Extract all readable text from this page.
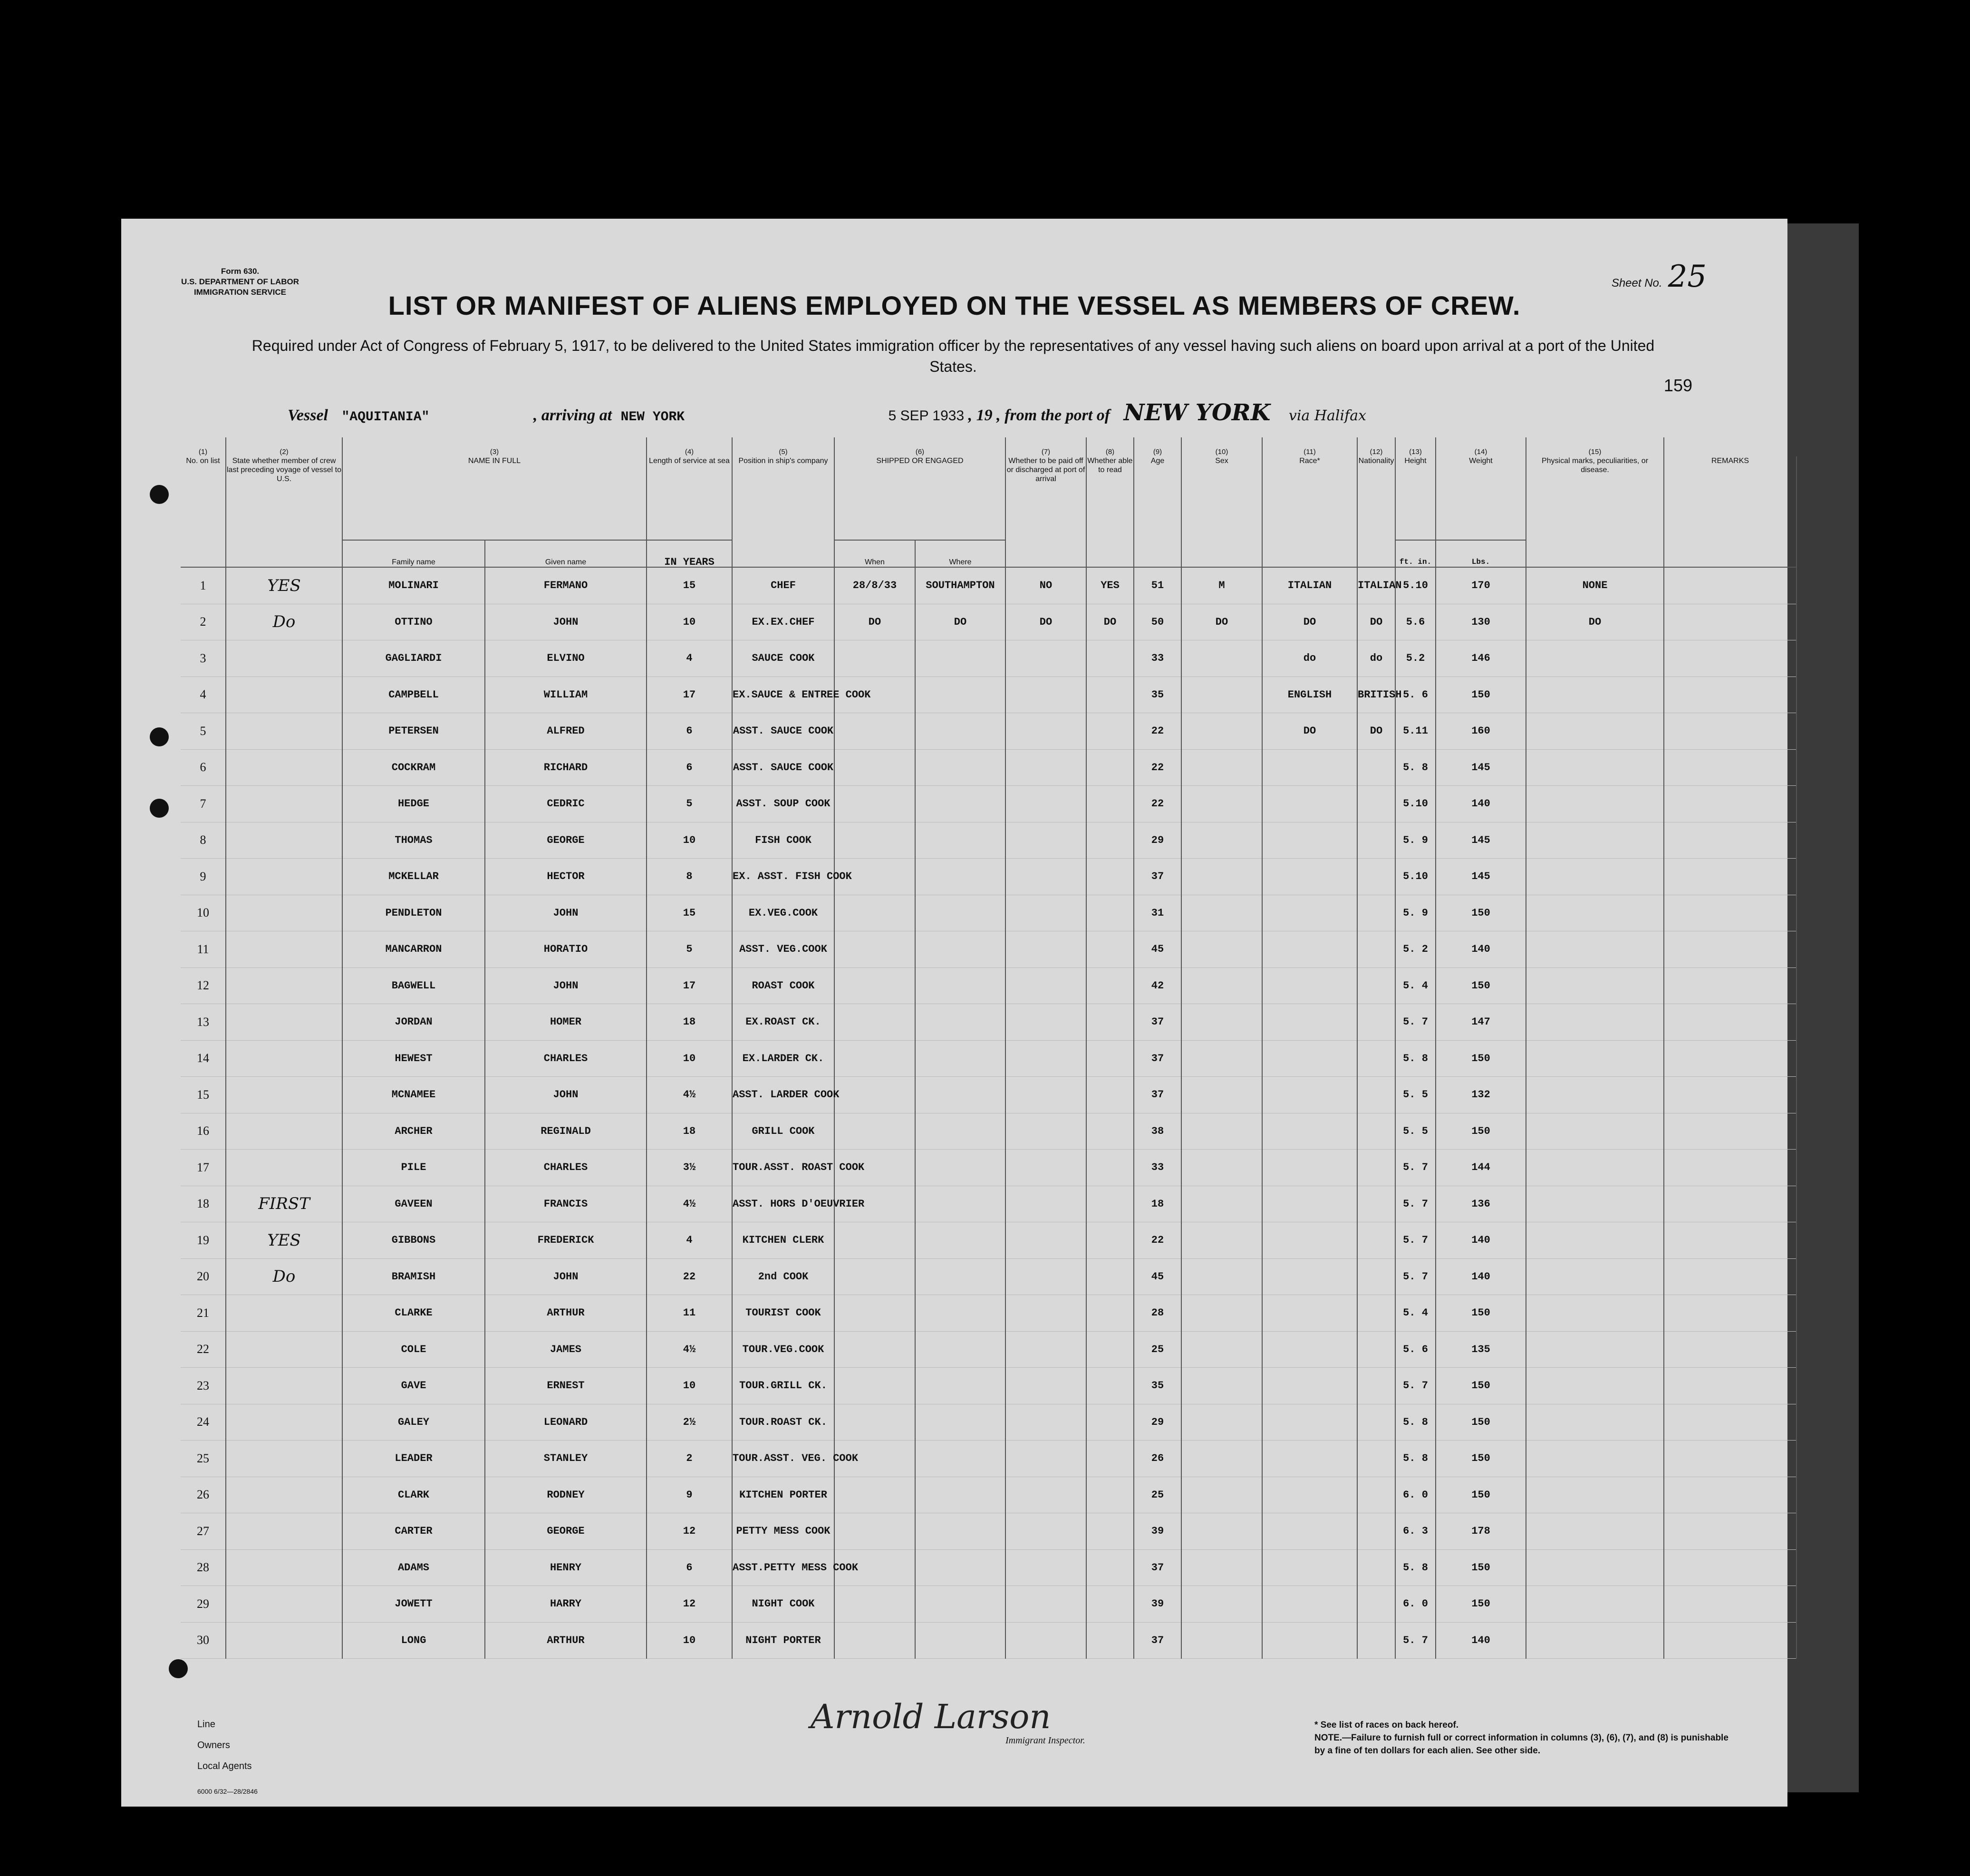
Form 630.
U.S. DEPARTMENT OF LABOR
IMMIGRATION SERVICE
Sheet No. 25
LIST OR MANIFEST OF ALIENS EMPLOYED ON THE VESSEL AS MEMBERS OF CREW.
Required under Act of Congress of February 5, 1917, to be delivered to the United States immigration officer by the representatives of any vessel having such aliens on board upon arrival at a port of the United States.
159
Vessel "AQUITANIA"	, arriving at NEW YORK	5 SEP 1933 , 19 , from the port of NEW YORK via Halifax
(1)	(2)	(3)		(4)	(5)	(6)		(7)	(8)	(9)	(10)	(11)	(12)	(13)	(14)	(15)	
No. on list	State whether member of crew last preceding voyage of vessel to U.S.	NAME IN FULL		Length of service at sea	Position in ship's company	SHIPPED OR ENGAGED		Whether to be paid off or discharged at port of arrival	Whether able to read	Age	Sex	Race*	Nationality	Height	Weight	Physical marks, peculiarities, or disease.	REMARKS
		Family name	Given name	IN YEARS		When	Where							ft. in.	Lbs.		
1	YES	MOLINARI	FERMANO	15	CHEF	28/8/33	SOUTHAMPTON	NO	YES	51	M	ITALIAN	ITALIAN	5.10	170	NONE	
2	Do	OTTINO	JOHN	10	EX.EX.CHEF	DO	DO	DO	DO	50	DO	DO	DO	5.6	130	DO	
3		GAGLIARDI	ELVINO	4	SAUCE COOK					33		do	do	5.2	146		
4		CAMPBELL	WILLIAM	17	EX.SAUCE & ENTREE COOK					35		ENGLISH	BRITISH	5. 6	150		
5		PETERSEN	ALFRED	6	ASST. SAUCE COOK					22		DO	DO	5.11	160		
6		COCKRAM	RICHARD	6	ASST. SAUCE COOK					22				5. 8	145		
7		HEDGE	CEDRIC	5	ASST. SOUP COOK					22				5.10	140		
8		THOMAS	GEORGE	10	FISH COOK					29				5. 9	145		
9		MCKELLAR	HECTOR	8	EX. ASST. FISH COOK					37				5.10	145		
10		PENDLETON	JOHN	15	EX.VEG.COOK					31				5. 9	150		
11		MANCARRON	HORATIO	5	ASST. VEG.COOK					45				5. 2	140		
12		BAGWELL	JOHN	17	ROAST COOK					42				5. 4	150		
13		JORDAN	HOMER	18	EX.ROAST CK.					37				5. 7	147		
14		HEWEST	CHARLES	10	EX.LARDER CK.					37				5. 8	150		
15		MCNAMEE	JOHN	4½	ASST. LARDER COOK					37				5. 5	132		
16		ARCHER	REGINALD	18	GRILL COOK					38				5. 5	150		
17		PILE	CHARLES	3½	TOUR.ASST. ROAST COOK					33				5. 7	144		
18	FIRST	GAVEEN	FRANCIS	4½	ASST. HORS D'OEUVRIER					18				5. 7	136		
19	YES	GIBBONS	FREDERICK	4	KITCHEN CLERK					22				5. 7	140		
20	Do	BRAMISH	JOHN	22	2nd COOK					45				5. 7	140		
21		CLARKE	ARTHUR	11	TOURIST COOK					28				5. 4	150		
22		COLE	JAMES	4½	TOUR.VEG.COOK					25				5. 6	135		
23		GAVE	ERNEST	10	TOUR.GRILL CK.					35				5. 7	150		
24		GALEY	LEONARD	2½	TOUR.ROAST CK.					29				5. 8	150		
25		LEADER	STANLEY	2	TOUR.ASST. VEG. COOK					26				5. 8	150		
26		CLARK	RODNEY	9	KITCHEN PORTER					25				6. 0	150		
27		CARTER	GEORGE	12	PETTY MESS COOK					39				6. 3	178		
28		ADAMS	HENRY	6	ASST.PETTY MESS COOK					37				5. 8	150		
29		JOWETT	HARRY	12	NIGHT COOK					39				6. 0	150		
30		LONG	ARTHUR	10	NIGHT PORTER					37				5. 7	140		
Line
Owners
Local Agents
6000 6/32—28/2846
Arnold Larson
Immigrant Inspector.
* See list of races on back hereof.
NOTE.—Failure to furnish full or correct information in columns (3), (6), (7), and (8) is punishable by a fine of ten dollars for each alien. See other side.
